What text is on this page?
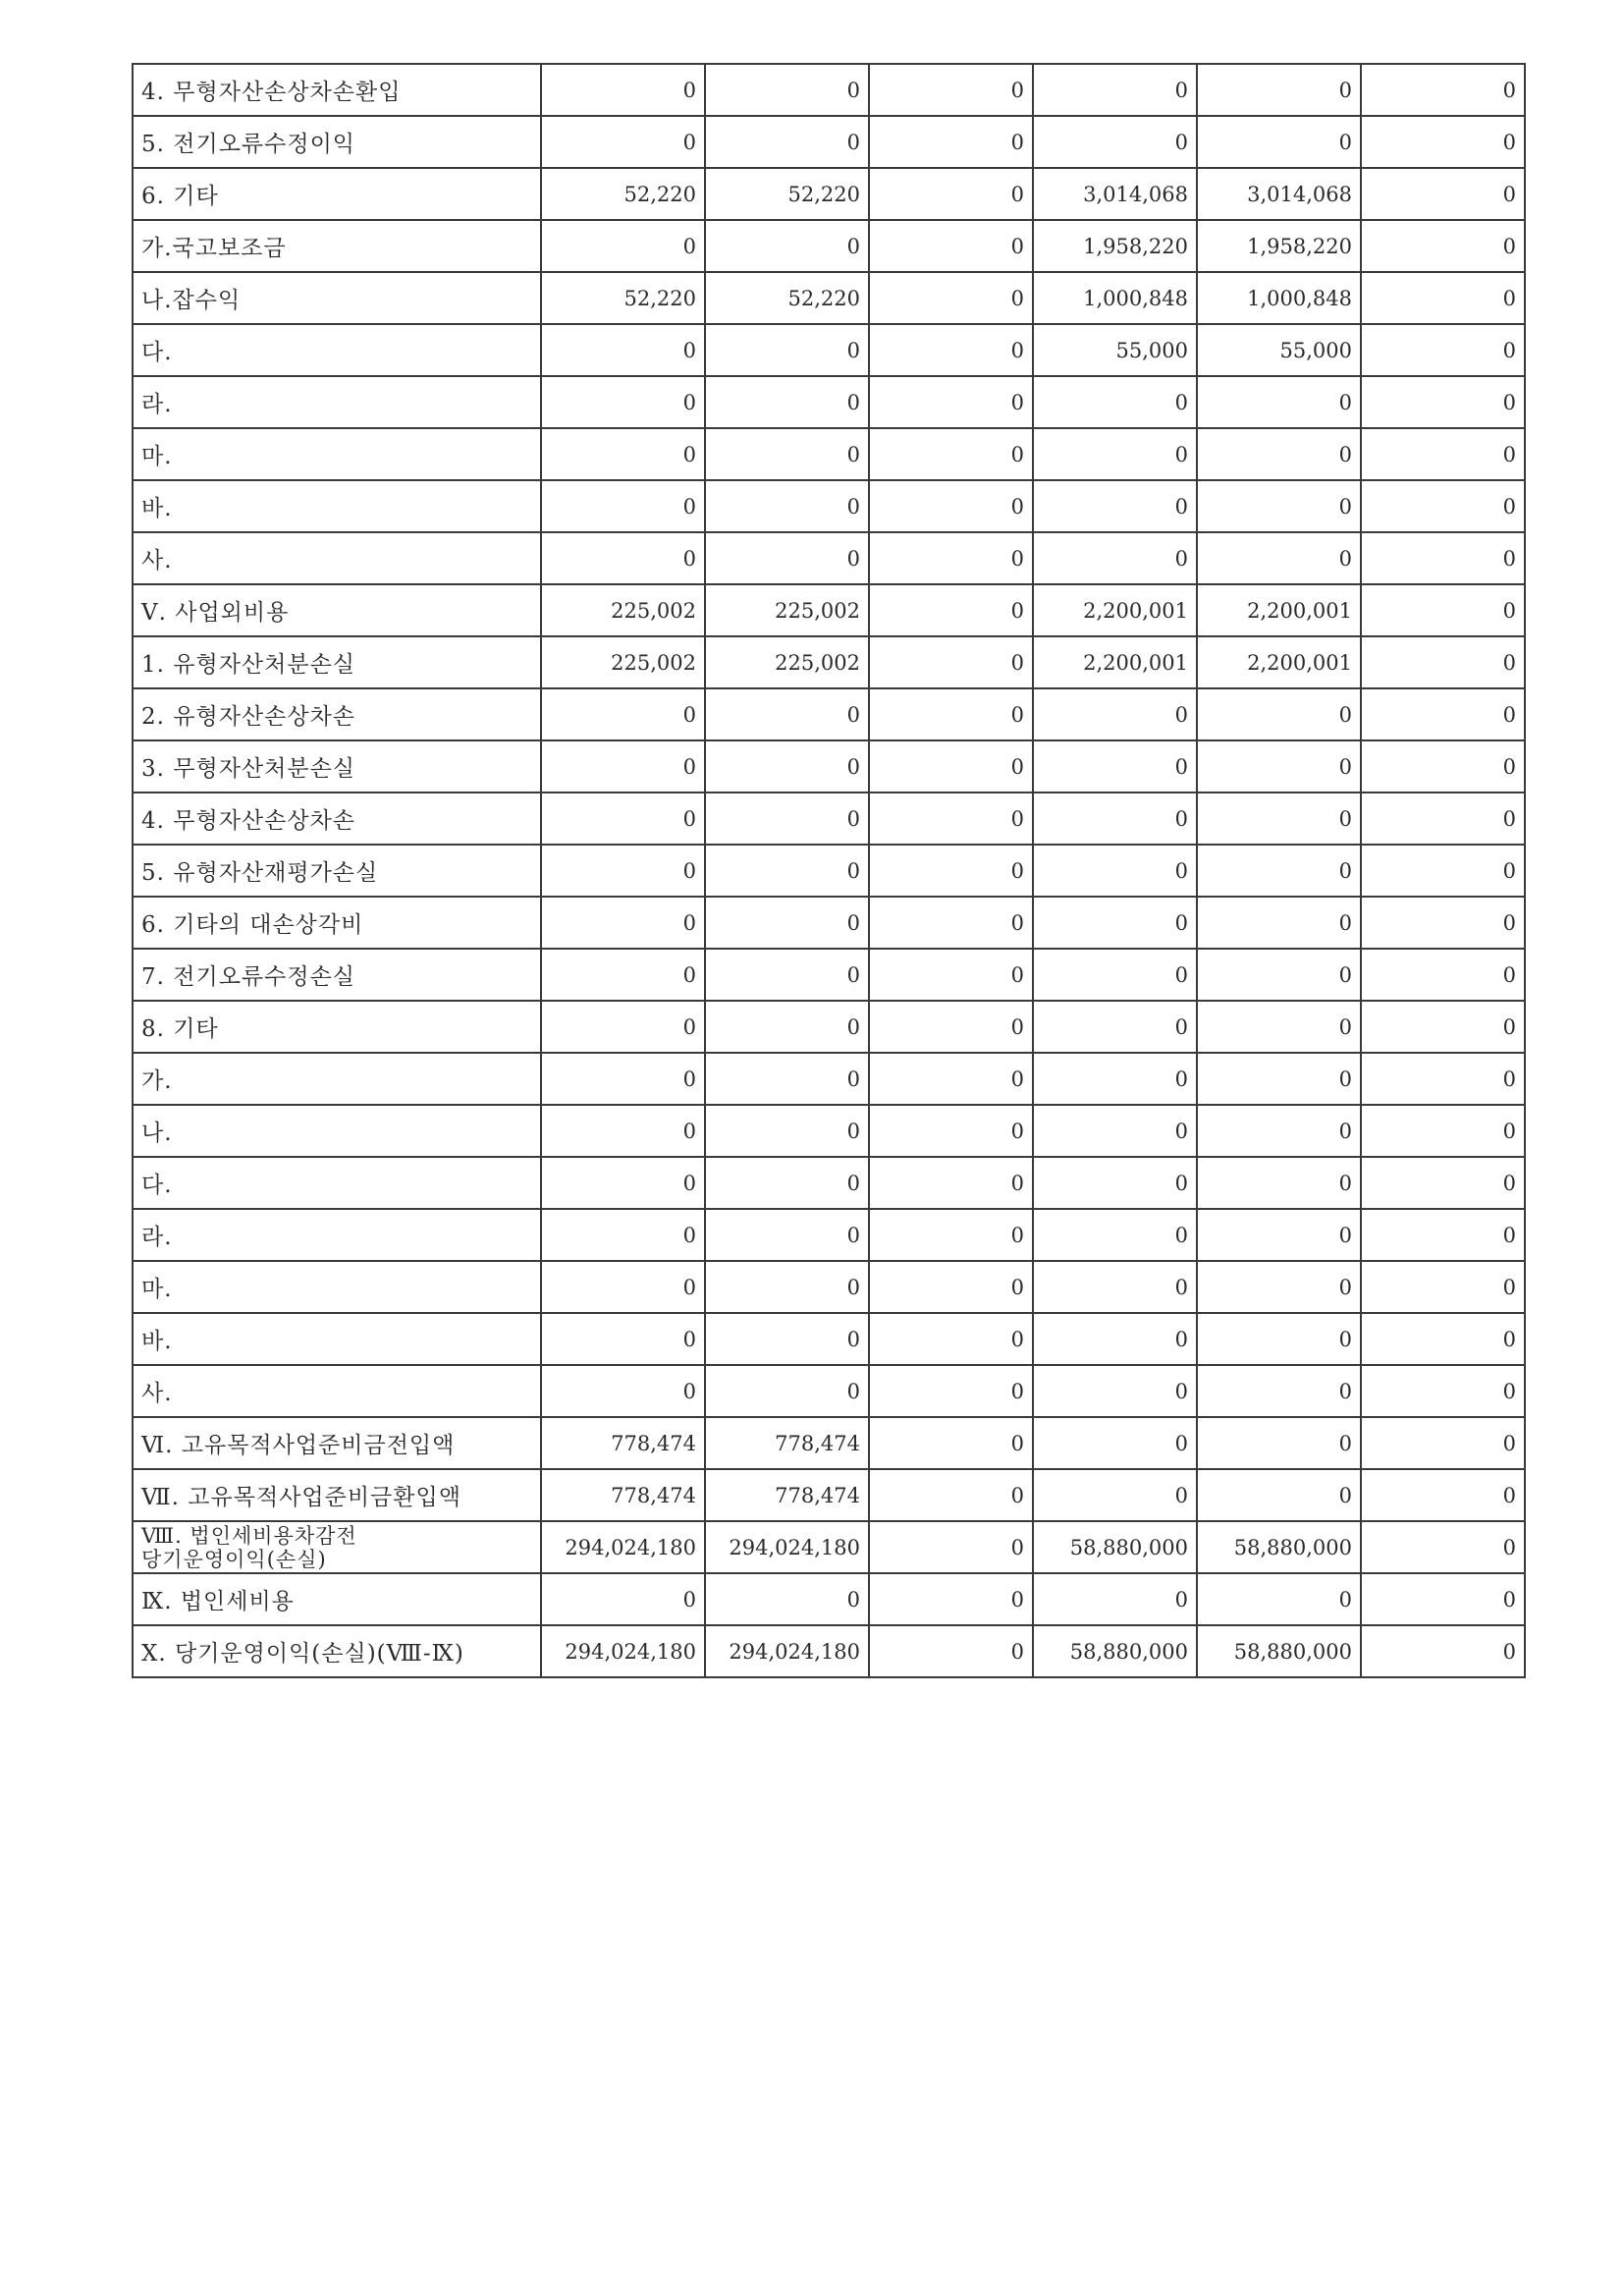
4. 무형자산손상차손환입	0	0	0	0	0	0
5. 전기오류수정이익	0	0	0	0	0	0
6. 기타	52,220	52,220	0	3,014,068	3,014,068	0
가.국고보조금	0	0	0	1,958,220	1,958,220	0
나.잡수익	52,220	52,220	0	1,000,848	1,000,848	0
다.	0	0	0	55,000	55,000	0
라.	0	0	0	0	0	0
마.	0	0	0	0	0	0
바.	0	0	0	0	0	0
사.	0	0	0	0	0	0
Ⅴ. 사업외비용	225,002	225,002	0	2,200,001	2,200,001	0
1. 유형자산처분손실	225,002	225,002	0	2,200,001	2,200,001	0
2. 유형자산손상차손	0	0	0	0	0	0
3. 무형자산처분손실	0	0	0	0	0	0
4. 무형자산손상차손	0	0	0	0	0	0
5. 유형자산재평가손실	0	0	0	0	0	0
6. 기타의 대손상각비	0	0	0	0	0	0
7. 전기오류수정손실	0	0	0	0	0	0
8. 기타	0	0	0	0	0	0
가.	0	0	0	0	0	0
나.	0	0	0	0	0	0
다.	0	0	0	0	0	0
라.	0	0	0	0	0	0
마.	0	0	0	0	0	0
바.	0	0	0	0	0	0
사.	0	0	0	0	0	0
Ⅵ. 고유목적사업준비금전입액	778,474	778,474	0	0	0	0
Ⅶ. 고유목적사업준비금환입액	778,474	778,474	0	0	0	0

Ⅷ. 법인세비용차감전
당기운영이익(손실)	294,024,180	294,024,180	0	58,880,000	58,880,000	0
Ⅸ. 법인세비용	0	0	0	0	0	0
Ⅹ. 당기운영이익(손실)(Ⅷ-Ⅸ)	294,024,180	294,024,180	0	58,880,000	58,880,000	0
